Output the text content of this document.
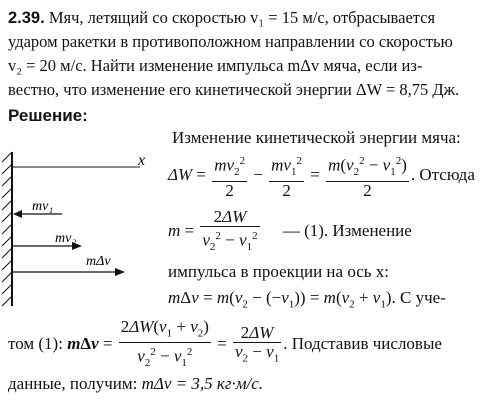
2.39. Мяч, летящий со скоростью v₁ = 15 м/с, отбрасывается

ударом ракетки в противоположном направлении со скоростью

v₂ = 20 м/с. Найти изменение импульса mΔv мяча, если из-

вестно, что изменение его кинетической энергии ΔW = 8,75 Дж.

Решение:
x
mv₁
mv₂
mΔv
Изменение кинетической энергии мяча:
$\Delta W = \frac{mv_2^2}{2} - \frac{mv_1^2}{2} = \frac{m(v_2^2 - v_1^2)}{2}$ . Отсюда
$m = \frac{2\Delta W}{v_2^2 - v_1^2}$ — (1). Изменение
импульса в проекции на ось x:
$m\Delta v = m(v_2 - (-v_1)) = m(v_2 + v_1)$. С уче-
том (1): $m\Delta v = \frac{2\Delta W(v_1 + v_2)}{v_2^2 - v_1^2} = \frac{2\Delta W}{v_2 - v_1}$ . Подставив числовые
данные, получим: mΔv = 3,5 кг·м/с.
